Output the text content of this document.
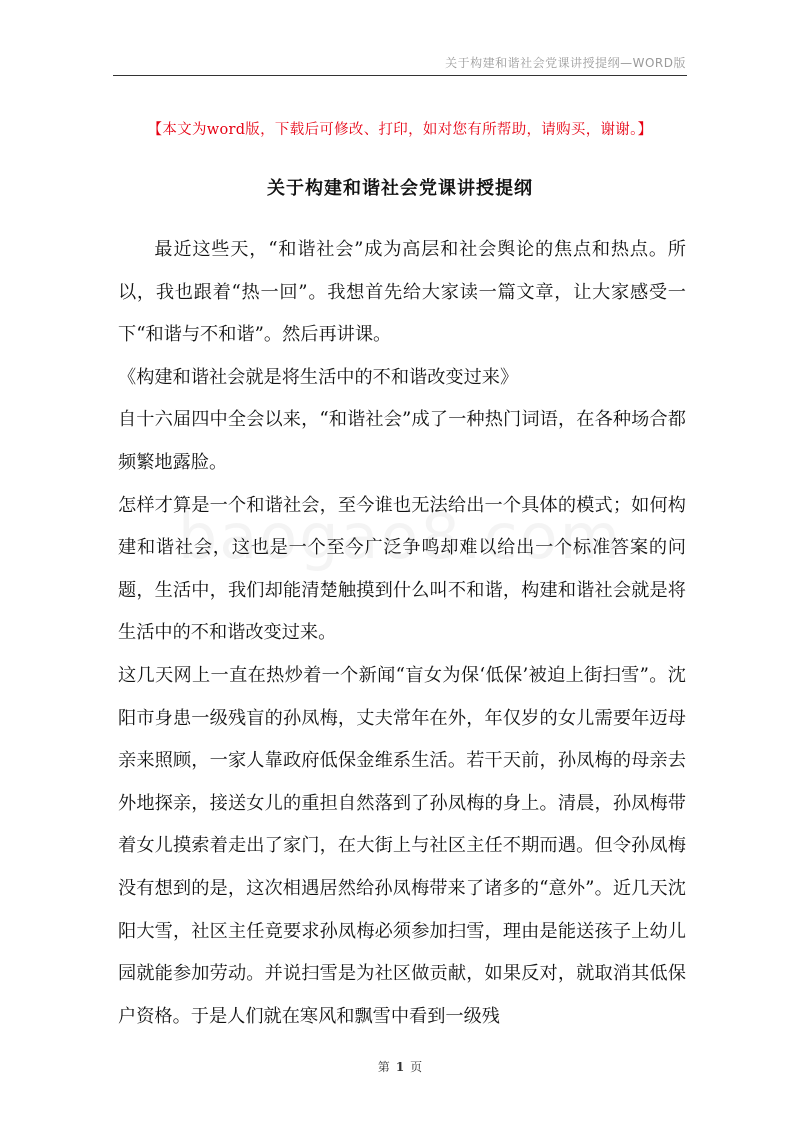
关于构建和谐社会党课讲授提纲—WORD版
【本文为word版，下载后可修改、打印，如对您有所帮助，请购买，谢谢。】
关于构建和谐社会党课讲授提纲

最近这些天，“和谐社会”成为高层和社会舆论的焦点和热点。所以，我也跟着“热一回”。我想首先给大家读一篇文章，让大家感受一下“和谐与不和谐”。然后再讲课。

《构建和谐社会就是将生活中的不和谐改变过来》

自十六届四中全会以来，“和谐社会”成了一种热门词语，在各种场合都频繁地露脸。

怎样才算是一个和谐社会，至今谁也无法给出一个具体的模式；如何构建和谐社会，这也是一个至今广泛争鸣却难以给出一个标准答案的问题，生活中，我们却能清楚触摸到什么叫不和谐，构建和谐社会就是将生活中的不和谐改变过来。

这几天网上一直在热炒着一个新闻“盲女为保‘低保’被迫上街扫雪”。沈阳市身患一级残盲的孙凤梅，丈夫常年在外，年仅岁的女儿需要年迈母亲来照顾，一家人靠政府低保金维系生活。若干天前，孙凤梅的母亲去外地探亲，接送女儿的重担自然落到了孙凤梅的身上。清晨，孙凤梅带着女儿摸索着走出了家门，在大街上与社区主任不期而遇。但令孙凤梅没有想到的是，这次相遇居然给孙凤梅带来了诸多的“意外”。近几天沈阳大雪，社区主任竟要求孙凤梅必须参加扫雪，理由是能送孩子上幼儿园就能参加劳动。并说扫雪是为社区做贡献，如果反对，就取消其低保户资格。于是人们就在寒风和飘雪中看到一级残

第 1 页
